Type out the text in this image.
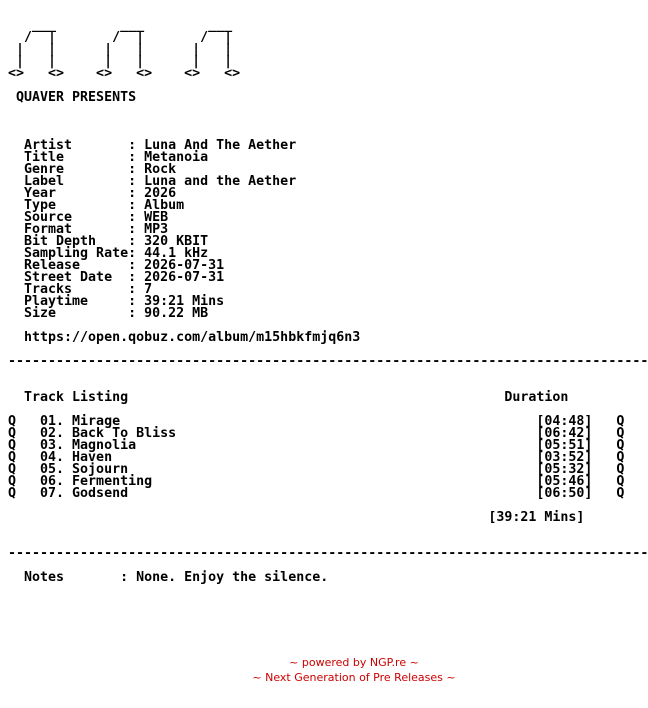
___        ___        ___
/  |       /  |       /  |
|   |      |   |      |   |
|   |      |   |      |   |
<>   <>    <>   <>    <>   <>

QUAVER PRESENTS

Artist       : Luna And The Aether
Title        : Metanoia
Genre        : Rock
Label        : Luna and the Aether
Year         : 2026
Type         : Album
Source       : WEB
Format       : MP3
Bit Depth    : 320 KBIT
Sampling Rate: 44.1 kHz
Release      : 2026-07-31
Street Date  : 2026-07-31
Tracks       : 7
Playtime     : 39:21 Mins
Size         : 90.22 MB

https://open.qobuz.com/album/m15hbkfmjq6n3

--------------------------------------------------------------------------------

Track Listing                                               Duration

Q   01. Mirage                                                    [04:48]   Q
Q   02. Back To Bliss                                             [06:42]   Q
Q   03. Magnolia                                                  [05:51]   Q
Q   04. Haven                                                     [03:52]   Q
Q   05. Sojourn                                                   [05:32]   Q
Q   06. Fermenting                                                [05:46]   Q
Q   07. Godsend                                                   [06:50]   Q

[39:21 Mins]

--------------------------------------------------------------------------------

Notes       : None. Enjoy the silence.

~ powered by NGP.re ~
~ Next Generation of Pre Releases ~
